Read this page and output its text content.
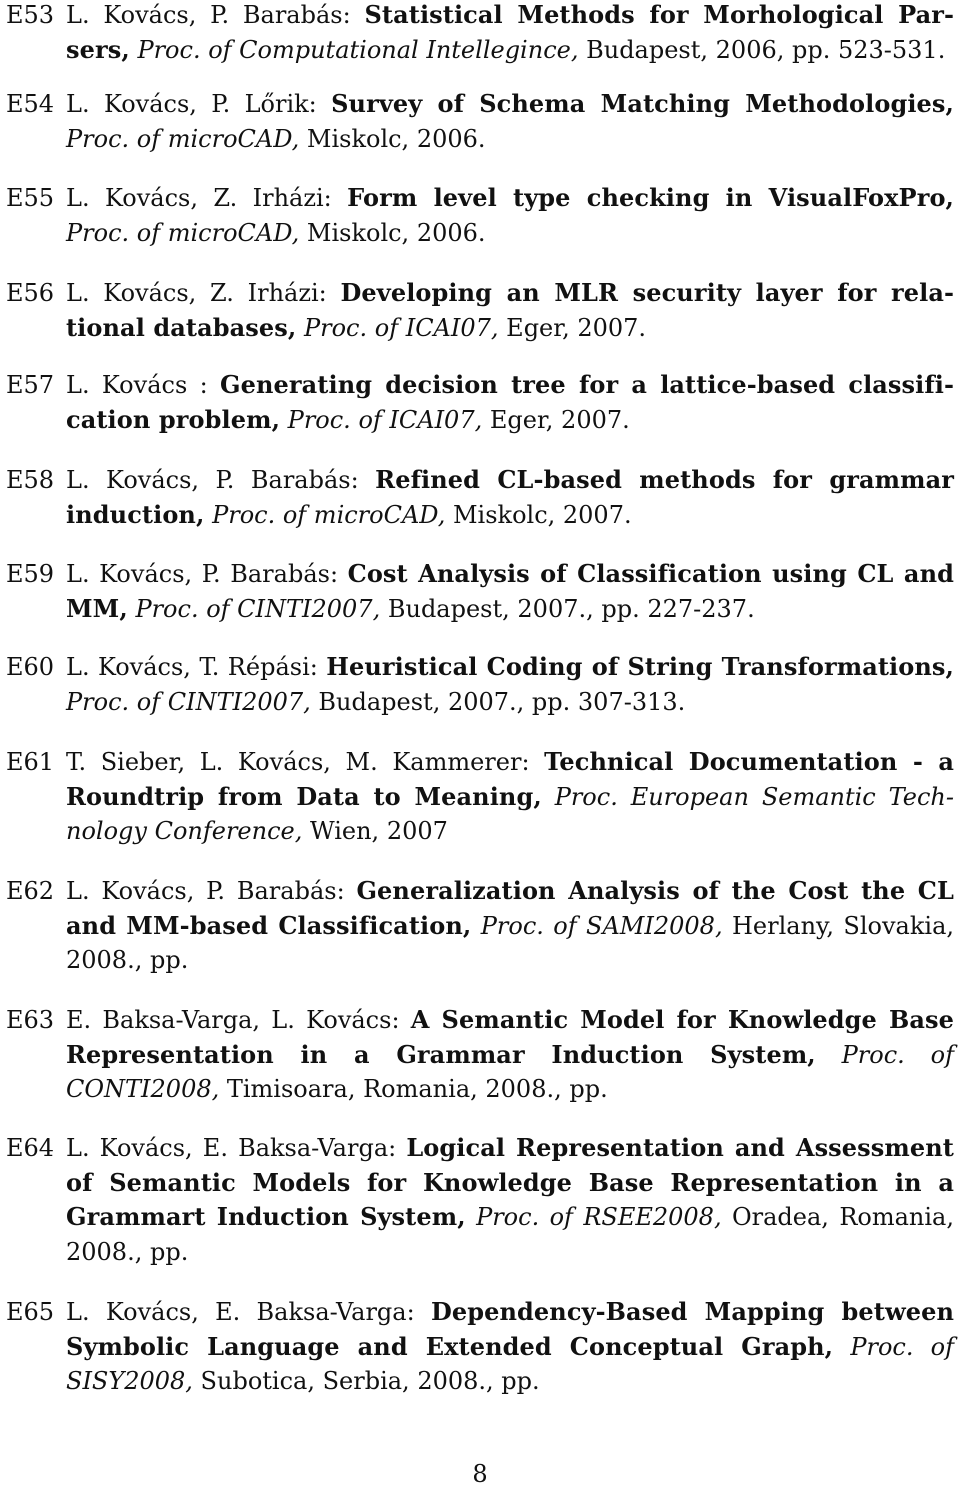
E53 L. Kovács, P. Barabás: Statistical Methods for Morhological Parsers, Proc. of Computational Intellegince, Budapest, 2006, pp. 523-531.
E54 L. Kovács, P. Lőrik: Survey of Schema Matching Methodologies, Proc. of microCAD, Miskolc, 2006.
E55 L. Kovács, Z. Irházi: Form level type checking in VisualFoxPro, Proc. of microCAD, Miskolc, 2006.
E56 L. Kovács, Z. Irházi: Developing an MLR security layer for relational databases, Proc. of ICAI07, Eger, 2007.
E57 L. Kovács : Generating decision tree for a lattice-based classification problem, Proc. of ICAI07, Eger, 2007.
E58 L. Kovács, P. Barabás: Refined CL-based methods for grammar induction, Proc. of microCAD, Miskolc, 2007.
E59 L. Kovács, P. Barabás: Cost Analysis of Classification using CL and MM, Proc. of CINTI2007, Budapest, 2007., pp. 227-237.
E60 L. Kovács, T. Répási: Heuristical Coding of String Transformations, Proc. of CINTI2007, Budapest, 2007., pp. 307-313.
E61 T. Sieber, L. Kovács, M. Kammerer: Technical Documentation - a Roundtrip from Data to Meaning, Proc. European Semantic Technology Conference, Wien, 2007
E62 L. Kovács, P. Barabás: Generalization Analysis of the Cost the CL and MM-based Classification, Proc. of SAMI2008, Herlany, Slovakia, 2008., pp.
E63 E. Baksa-Varga, L. Kovács: A Semantic Model for Knowledge Base Representation in a Grammar Induction System, Proc. of CONTI2008, Timisoara, Romania, 2008., pp.
E64 L. Kovács, E. Baksa-Varga: Logical Representation and Assessment of Semantic Models for Knowledge Base Representation in a Grammart Induction System, Proc. of RSEE2008, Oradea, Romania, 2008., pp.
E65 L. Kovács, E. Baksa-Varga: Dependency-Based Mapping between Symbolic Language and Extended Conceptual Graph, Proc. of SISY2008, Subotica, Serbia, 2008., pp.
8
